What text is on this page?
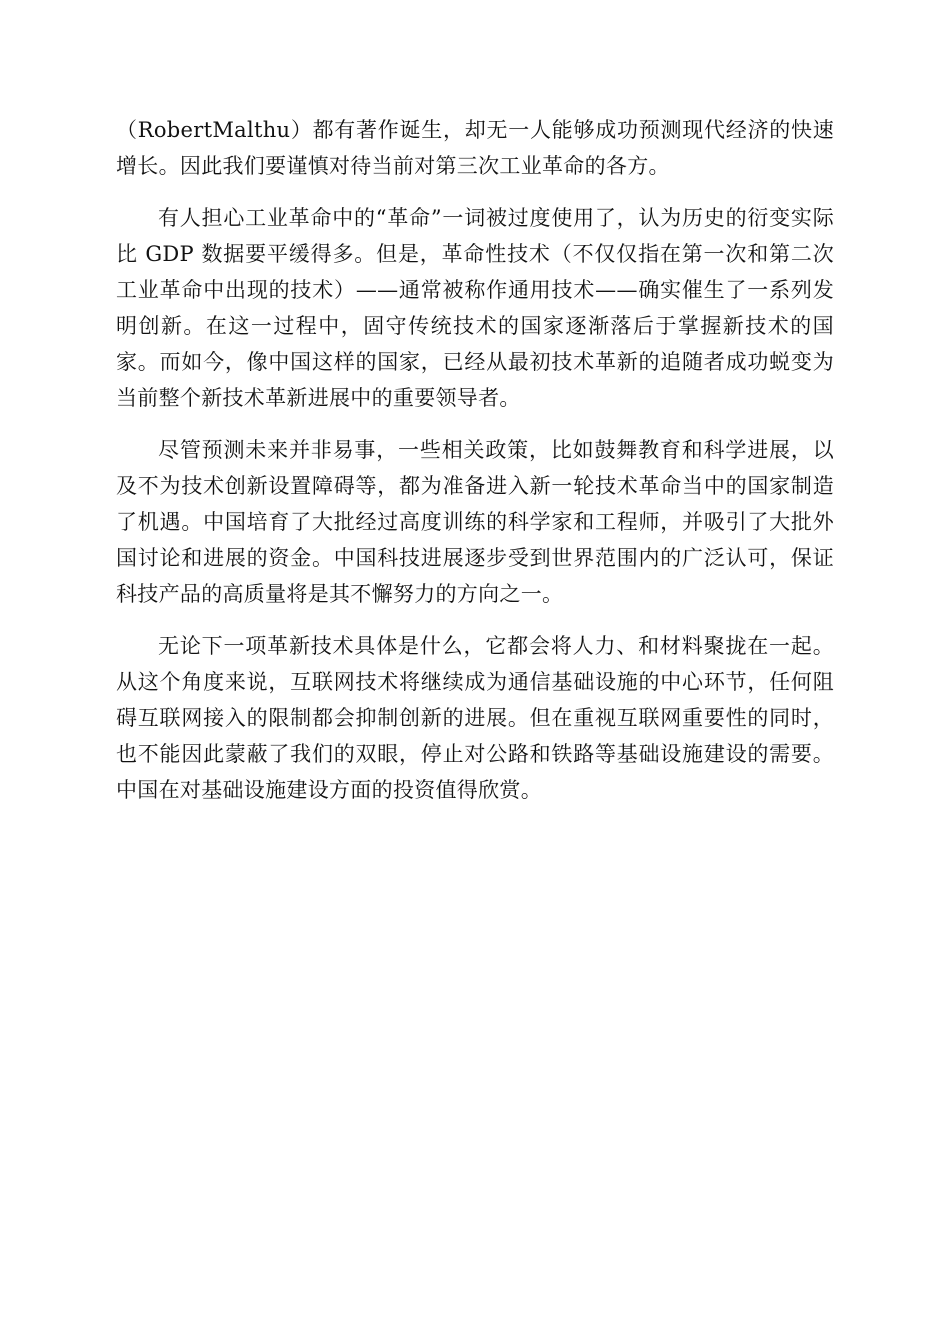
（RobertMalthu）都有著作诞生，却无一人能够成功预测现代经济的快速增长。因此我们要谨慎对待当前对第三次工业革命的各方。

有人担心工业革命中的“革命”一词被过度使用了，认为历史的衍变实际比 GDP 数据要平缓得多。但是，革命性技术（不仅仅指在第一次和第二次工业革命中出现的技术）——通常被称作通用技术——确实催生了一系列发明创新。在这一过程中，固守传统技术的国家逐渐落后于掌握新技术的国家。而如今，像中国这样的国家，已经从最初技术革新的追随者成功蜕变为当前整个新技术革新进展中的重要领导者。

尽管预测未来并非易事，一些相关政策，比如鼓舞教育和科学进展，以及不为技术创新设置障碍等，都为准备进入新一轮技术革命当中的国家制造了机遇。中国培育了大批经过高度训练的科学家和工程师，并吸引了大批外国讨论和进展的资金。中国科技进展逐步受到世界范围内的广泛认可，保证科技产品的高质量将是其不懈努力的方向之一。

无论下一项革新技术具体是什么，它都会将人力、和材料聚拢在一起。从这个角度来说，互联网技术将继续成为通信基础设施的中心环节，任何阻碍互联网接入的限制都会抑制创新的进展。但在重视互联网重要性的同时，也不能因此蒙蔽了我们的双眼，停止对公路和铁路等基础设施建设的需要。中国在对基础设施建设方面的投资值得欣赏。
